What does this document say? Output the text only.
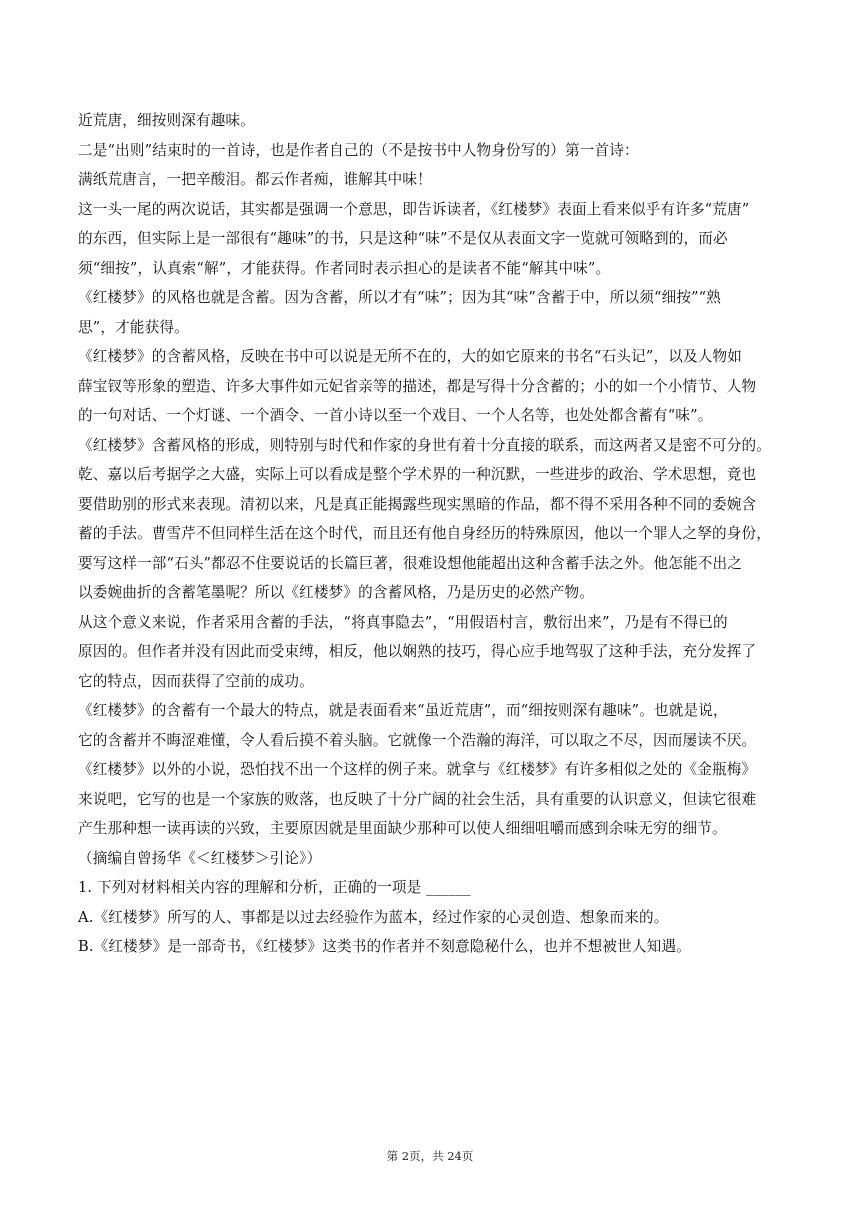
近荒唐，细按则深有趣味。
二是“出则”结束时的一首诗，也是作者自己的（不是按书中人物身份写的）第一首诗：
满纸荒唐言，一把辛酸泪。都云作者痴，谁解其中味！
这一头一尾的两次说话，其实都是强调一个意思，即告诉读者，《红楼梦》表面上看来似乎有许多“荒唐”
的东西，但实际上是一部很有“趣味”的书，只是这种“味”不是仅从表面文字一览就可领略到的，而必
须“细按”，认真索“解”，才能获得。作者同时表示担心的是读者不能“解其中味”。
《红楼梦》的风格也就是含蓄。因为含蓄，所以才有“味”；因为其“味”含蓄于中，所以须“细按”“熟
思”，才能获得。
《红楼梦》的含蓄风格，反映在书中可以说是无所不在的，大的如它原来的书名“石头记”，以及人物如
薛宝钗等形象的塑造、许多大事件如元妃省亲等的描述，都是写得十分含蓄的；小的如一个小情节、人物
的一句对话、一个灯谜、一个酒令、一首小诗以至一个戏目、一个人名等，也处处都含蓄有“味”。
《红楼梦》含蓄风格的形成，则特别与时代和作家的身世有着十分直接的联系，而这两者又是密不可分的。
乾、嘉以后考据学之大盛，实际上可以看成是整个学术界的一种沉默，一些进步的政治、学术思想，竟也
要借助别的形式来表现。清初以来，凡是真正能揭露些现实黑暗的作品，都不得不采用各种不同的委婉含
蓄的手法。曹雪芹不但同样生活在这个时代，而且还有他自身经历的特殊原因，他以一个罪人之孥的身份，
要写这样一部“石头”都忍不住要说话的长篇巨著，很难设想他能超出这种含蓄手法之外。他怎能不出之
以委婉曲折的含蓄笔墨呢？所以《红楼梦》的含蓄风格，乃是历史的必然产物。
从这个意义来说，作者采用含蓄的手法，“将真事隐去”，“用假语村言，敷衍出来”，乃是有不得已的
原因的。但作者并没有因此而受束缚，相反，他以娴熟的技巧，得心应手地驾驭了这种手法，充分发挥了
它的特点，因而获得了空前的成功。
《红楼梦》的含蓄有一个最大的特点，就是表面看来“虽近荒唐”，而“细按则深有趣味”。也就是说，
它的含蓄并不晦涩难懂，令人看后摸不着头脑。它就像一个浩瀚的海洋，可以取之不尽，因而屡读不厌。
《红楼梦》以外的小说，恐怕找不出一个这样的例子来。就拿与《红楼梦》有许多相似之处的《金瓶梅》
来说吧，它写的也是一个家族的败落，也反映了十分广阔的社会生活，具有重要的认识意义，但读它很难
产生那种想一读再读的兴致，主要原因就是里面缺少那种可以使人细细咀嚼而感到余味无穷的细节。
（摘编自曾扬华《＜红楼梦＞引论》）
1. 下列对材料相关内容的理解和分析，正确的一项是 ______
A.《红楼梦》所写的人、事都是以过去经验作为蓝本，经过作家的心灵创造、想象而来的。
B.《红楼梦》是一部奇书，《红楼梦》这类书的作者并不刻意隐秘什么，也并不想被世人知遇。
第 2页，共 24页
